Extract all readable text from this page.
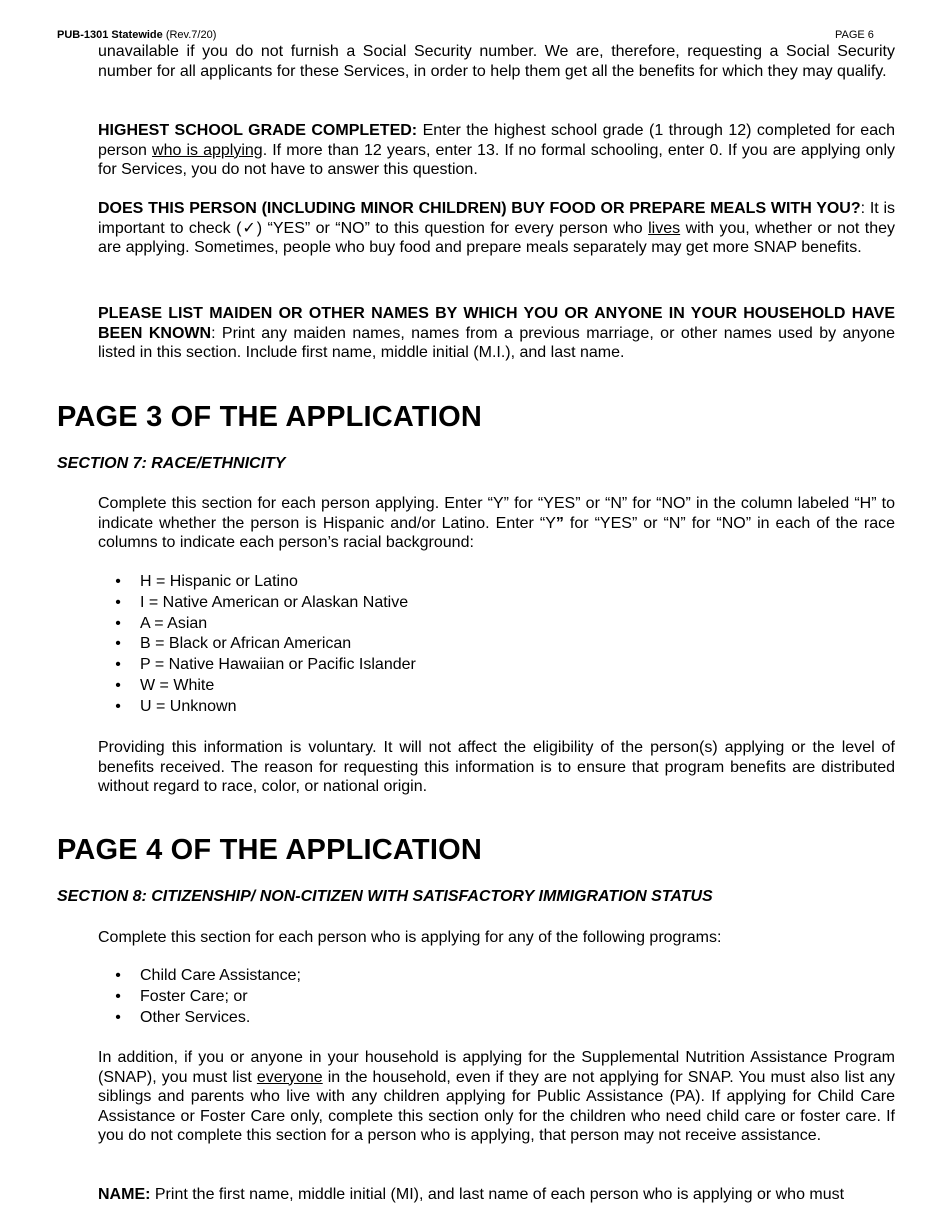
PUB-1301 Statewide (Rev.7/20)	PAGE 6

unavailable if you do not furnish a Social Security number. We are, therefore, requesting a Social Security number for all applicants for these Services, in order to help them get all the benefits for which they may qualify.

HIGHEST SCHOOL GRADE COMPLETED: Enter the highest school grade (1 through 12) completed for each person who is applying. If more than 12 years, enter 13. If no formal schooling, enter 0. If you are applying only for Services, you do not have to answer this question.

DOES THIS PERSON (INCLUDING MINOR CHILDREN) BUY FOOD OR PREPARE MEALS WITH YOU?: It is important to check (✓) “YES” or “NO” to this question for every person who lives with you, whether or not they are applying. Sometimes, people who buy food and prepare meals separately may get more SNAP benefits.

PLEASE LIST MAIDEN OR OTHER NAMES BY WHICH YOU OR ANYONE IN YOUR HOUSEHOLD HAVE BEEN KNOWN: Print any maiden names, names from a previous marriage, or other names used by anyone listed in this section. Include first name, middle initial (M.I.), and last name.

PAGE 3 OF THE APPLICATION
SECTION 7: RACE/ETHNICITY

Complete this section for each person applying. Enter “Y” for “YES” or “N” for “NO” in the column labeled “H” to indicate whether the person is Hispanic and/or Latino. Enter “Y” for “YES” or “N” for “NO” in each of the race columns to indicate each person’s racial background:

• H = Hispanic or Latino
• I = Native American or Alaskan Native
• A = Asian
• B = Black or African American
• P = Native Hawaiian or Pacific Islander
• W = White
• U = Unknown

Providing this information is voluntary. It will not affect the eligibility of the person(s) applying or the level of benefits received. The reason for requesting this information is to ensure that program benefits are distributed without regard to race, color, or national origin.

PAGE 4 OF THE APPLICATION
SECTION 8: CITIZENSHIP/ NON-CITIZEN WITH SATISFACTORY IMMIGRATION STATUS

Complete this section for each person who is applying for any of the following programs:

• Child Care Assistance;
• Foster Care; or
• Other Services.

In addition, if you or anyone in your household is applying for the Supplemental Nutrition Assistance Program (SNAP), you must list everyone in the household, even if they are not applying for SNAP. You must also list any siblings and parents who live with any children applying for Public Assistance (PA). If applying for Child Care Assistance or Foster Care only, complete this section only for the children who need child care or foster care. If you do not complete this section for a person who is applying, that person may not receive assistance.

NAME: Print the first name, middle initial (MI), and last name of each person who is applying or who must
